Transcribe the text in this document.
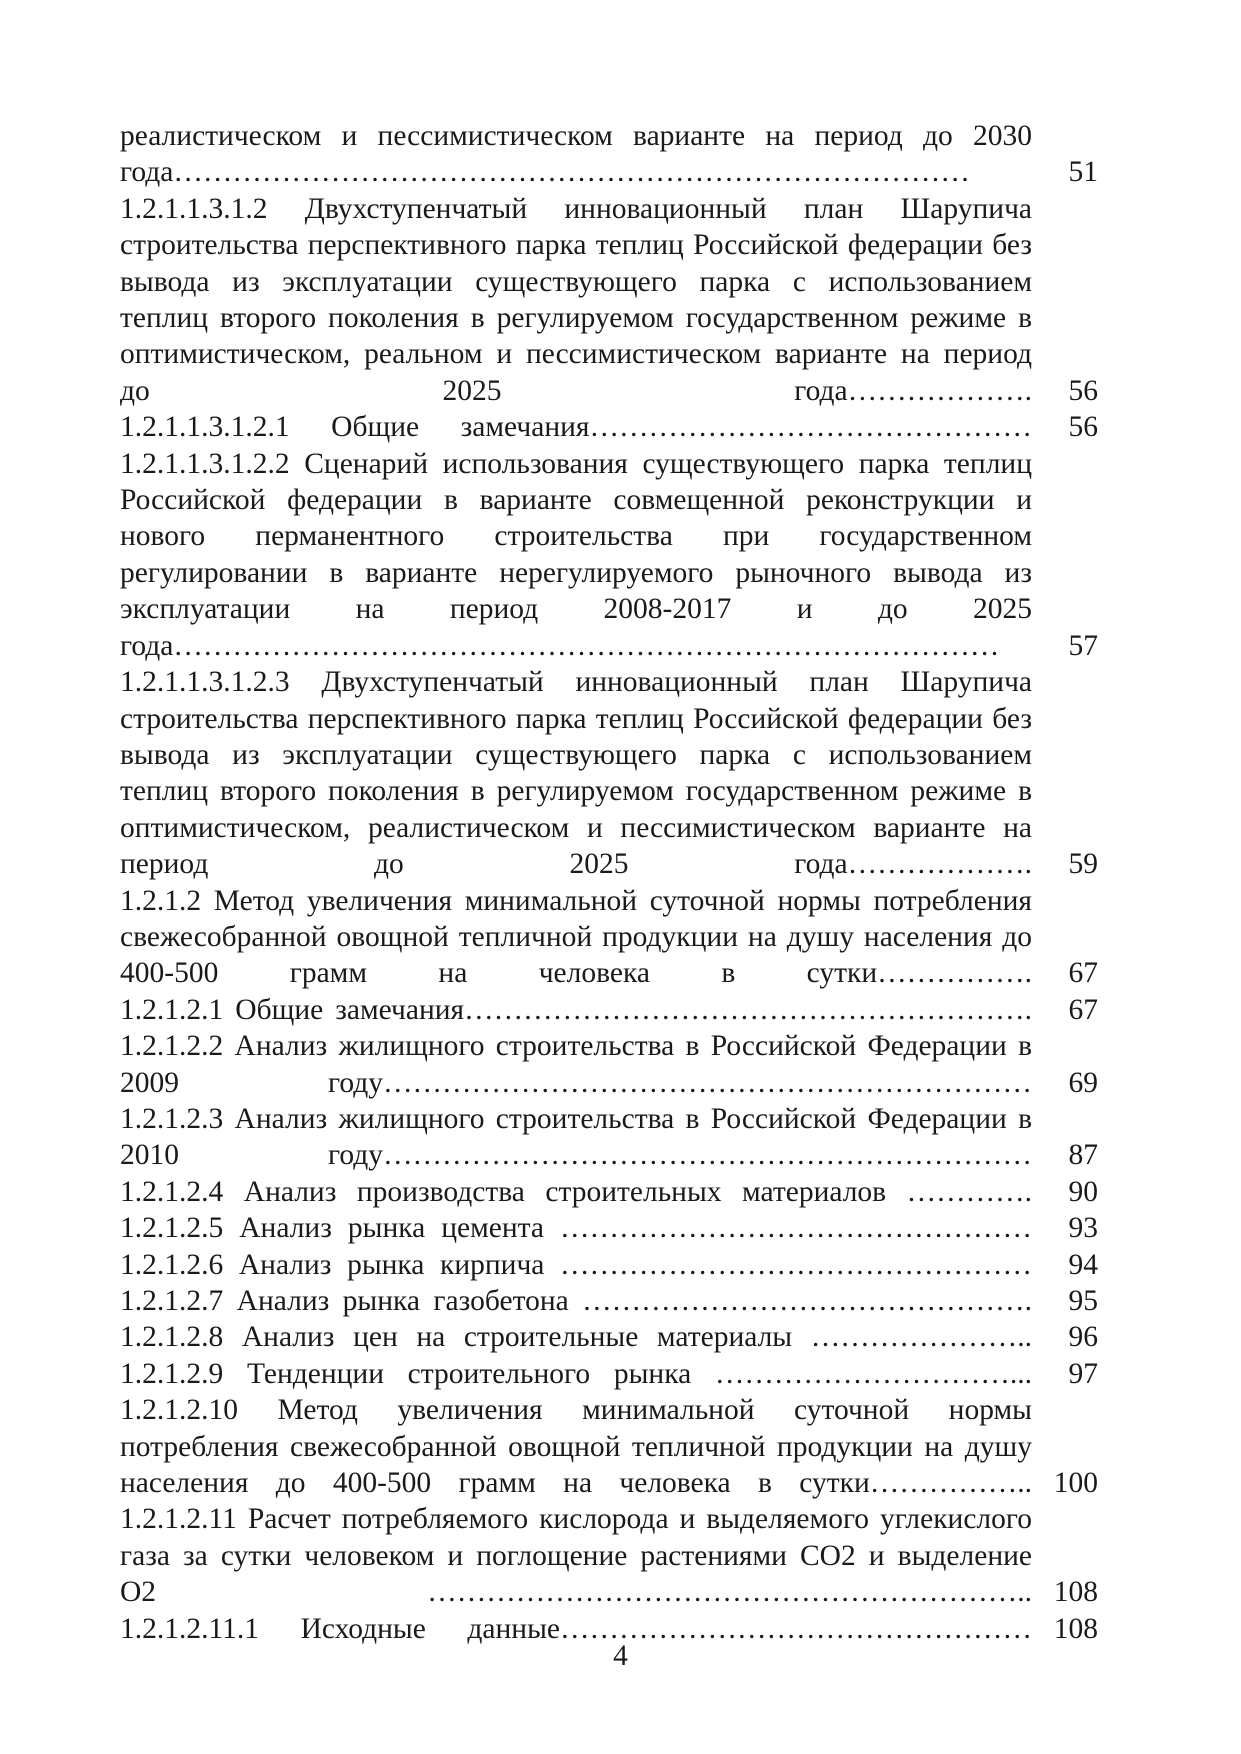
реалистическом и пессимистическом варианте на период до 2030 года………………………………………………………………………	51
1.2.1.1.3.1.2 Двухступенчатый инновационный план Шарупича строительства перспективного парка теплиц Российской федерации без вывода из эксплуатации существующего парка с использованием теплиц второго поколения в регулируемом государственном режиме в оптимистическом, реальном и пессимистическом варианте на период до 2025 года………………. 56
1.2.1.1.3.1.2.1 Общие замечания……………………………………… 56
1.2.1.1.3.1.2.2 Сценарий использования существующего парка теплиц Российской федерации в варианте совмещенной реконструкции и нового перманентного строительства при государственном регулировании в варианте нерегулируемого рыночного вывода из эксплуатации на период 2008-2017 и до 2025 года…………………………………………………………………………	57
1.2.1.1.3.1.2.3 Двухступенчатый инновационный план Шарупича строительства перспективного парка теплиц Российской федерации без вывода из эксплуатации существующего парка с использованием теплиц второго поколения в регулируемом государственном режиме в оптимистическом, реалистическом и пессимистическом варианте на период до 2025 года………………. 59
1.2.1.2 Метод увеличения минимальной суточной нормы потребления свежесобранной овощной тепличной продукции на душу населения до 400-500 грамм на человека в сутки……………. 67
1.2.1.2.1 Общие замечания…………………………………………………. 67
1.2.1.2.2 Анализ жилищного строительства в Российской Федерации в 2009 году………………………………………………………… 69
1.2.1.2.3 Анализ жилищного строительства в Российской Федерации в 2010 году………………………………………………………… 87
1.2.1.2.4 Анализ производства строительных материалов …………. 90
1.2.1.2.5 Анализ рынка цемента ………………………………………… 93
1.2.1.2.6 Анализ рынка кирпича ………………………………………… 94
1.2.1.2.7 Анализ рынка газобетона ………………………………………. 95
1.2.1.2.8 Анализ цен на строительные материалы ………………….. 96
1.2.1.2.9 Тенденции строительного рынка …………………………... 97
1.2.1.2.10 Метод увеличения минимальной суточной нормы потребления свежесобранной овощной тепличной продукции на душу населения до 400-500 грамм на человека в сутки…………….. 100
1.2.1.2.11 Расчет потребляемого кислорода и выделяемого углекислого газа за сутки человеком и поглощение растениями СО2 и выделение О2 …………………………………………………….. 108
1.2.1.2.11.1 Исходные данные………………………………………… 108
4
